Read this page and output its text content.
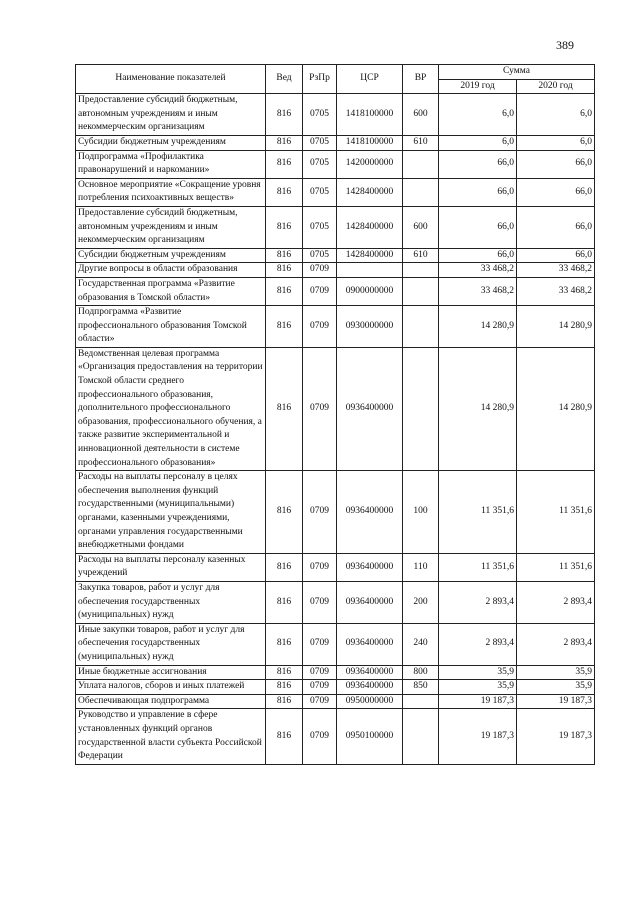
389
Наименование показателей	Вед	РзПр	ЦСР	ВР	Сумма	
					2019 год	2020 год
Предоставление субсидий бюджетным, автономным учреждениям и иным некоммерческим организациям	816	0705	1418100000	600	6,0	6,0
Субсидии бюджетным учреждениям	816	0705	1418100000	610	6,0	6,0
Подпрограмма «Профилактика правонарушений и наркомании»	816	0705	1420000000		66,0	66,0
Основное мероприятие «Сокращение уровня потребления психоактивных веществ»	816	0705	1428400000		66,0	66,0
Предоставление субсидий бюджетным, автономным учреждениям и иным некоммерческим организациям	816	0705	1428400000	600	66,0	66,0
Субсидии бюджетным учреждениям	816	0705	1428400000	610	66,0	66,0
Другие вопросы в области образования	816	0709			33 468,2	33 468,2
Государственная программа «Развитие образования в Томской области»	816	0709	0900000000		33 468,2	33 468,2
Подпрограмма «Развитие профессионального образования Томской области»	816	0709	0930000000		14 280,9	14 280,9
Ведомственная целевая программа «Организация предоставления на территории Томской области среднего профессионального образования, дополнительного профессионального образования, профессионального обучения, а также развитие экспериментальной и инновационной деятельности в системе профессионального образования»	816	0709	0936400000		14 280,9	14 280,9
Расходы на выплаты персоналу в целях обеспечения выполнения функций государственными (муниципальными) органами, казенными учреждениями, органами управления государственными внебюджетными фондами	816	0709	0936400000	100	11 351,6	11 351,6
Расходы на выплаты персоналу казенных учреждений	816	0709	0936400000	110	11 351,6	11 351,6
Закупка товаров, работ и услуг для обеспечения государственных (муниципальных) нужд	816	0709	0936400000	200	2 893,4	2 893,4
Иные закупки товаров, работ и услуг для обеспечения государственных (муниципальных) нужд	816	0709	0936400000	240	2 893,4	2 893,4
Иные бюджетные ассигнования	816	0709	0936400000	800	35,9	35,9
Уплата налогов, сборов и иных платежей	816	0709	0936400000	850	35,9	35,9
Обеспечивающая подпрограмма	816	0709	0950000000		19 187,3	19 187,3
Руководство и управление в сфере установленных функций органов государственной власти субъекта Российской Федерации	816	0709	0950100000		19 187,3	19 187,3
